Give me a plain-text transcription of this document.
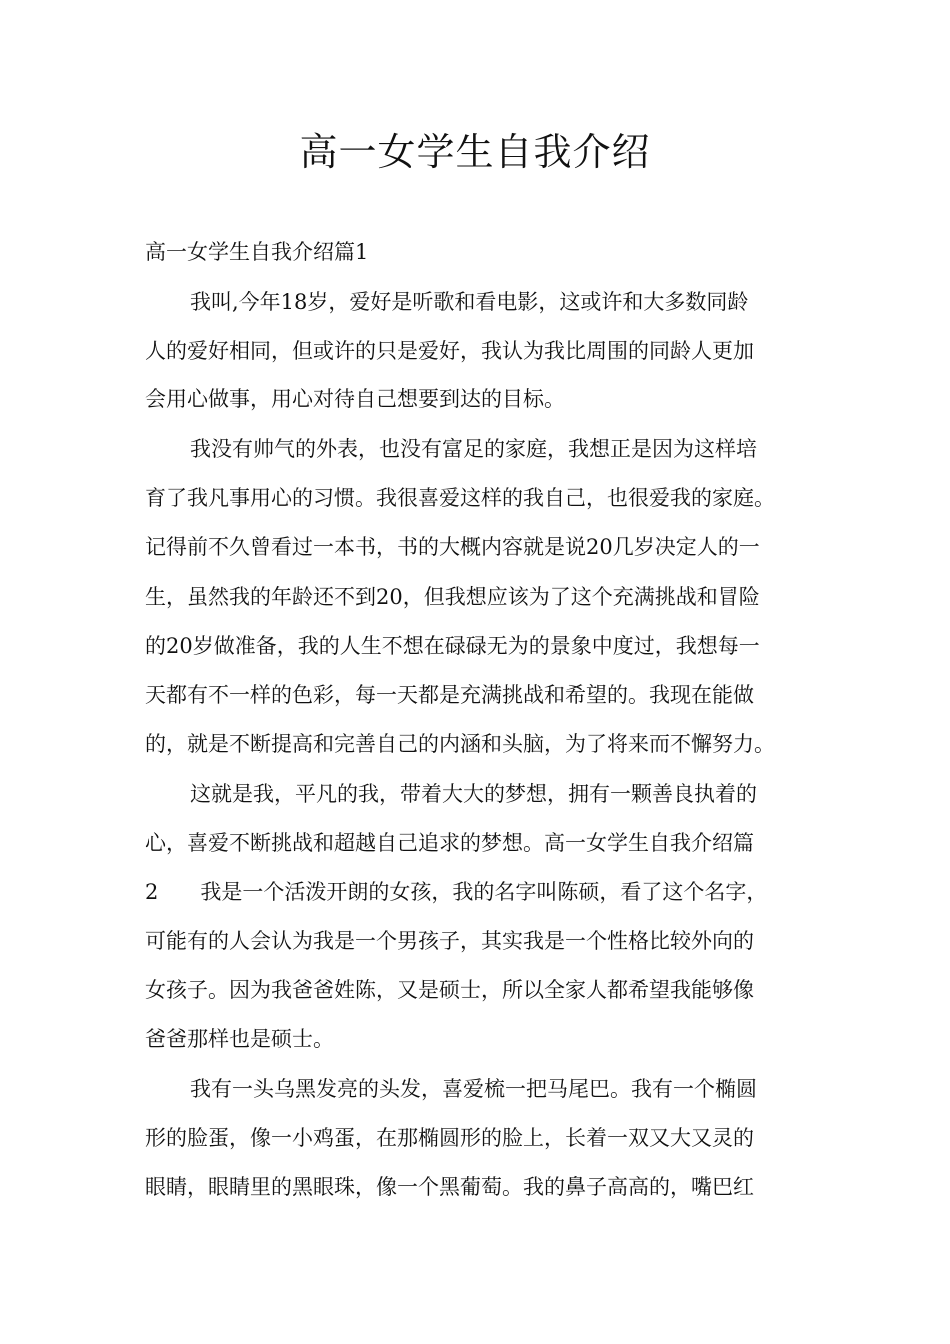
高一女学生自我介绍
高一女学生自我介绍篇1
我叫,今年18岁，爱好是听歌和看电影，这或许和大多数同龄
人的爱好相同，但或许的只是爱好，我认为我比周围的同龄人更加
会用心做事，用心对待自己想要到达的目标。
我没有帅气的外表，也没有富足的家庭，我想正是因为这样培
育了我凡事用心的习惯。我很喜爱这样的我自己，也很爱我的家庭。
记得前不久曾看过一本书，书的大概内容就是说20几岁决定人的一
生，虽然我的年龄还不到20，但我想应该为了这个充满挑战和冒险
的20岁做准备，我的人生不想在碌碌无为的景象中度过，我想每一
天都有不一样的色彩，每一天都是充满挑战和希望的。我现在能做
的，就是不断提高和完善自己的内涵和头脑，为了将来而不懈努力。
这就是我，平凡的我，带着大大的梦想，拥有一颗善良执着的
心，喜爱不断挑战和超越自己追求的梦想。高一女学生自我介绍篇
2　　我是一个活泼开朗的女孩，我的名字叫陈硕，看了这个名字，
可能有的人会认为我是一个男孩子，其实我是一个性格比较外向的
女孩子。因为我爸爸姓陈，又是硕士，所以全家人都希望我能够像
爸爸那样也是硕士。
我有一头乌黑发亮的头发，喜爱梳一把马尾巴。我有一个椭圆
形的脸蛋，像一小鸡蛋，在那椭圆形的脸上，长着一双又大又灵的
眼睛，眼睛里的黑眼珠，像一个黑葡萄。我的鼻子高高的，嘴巴红
